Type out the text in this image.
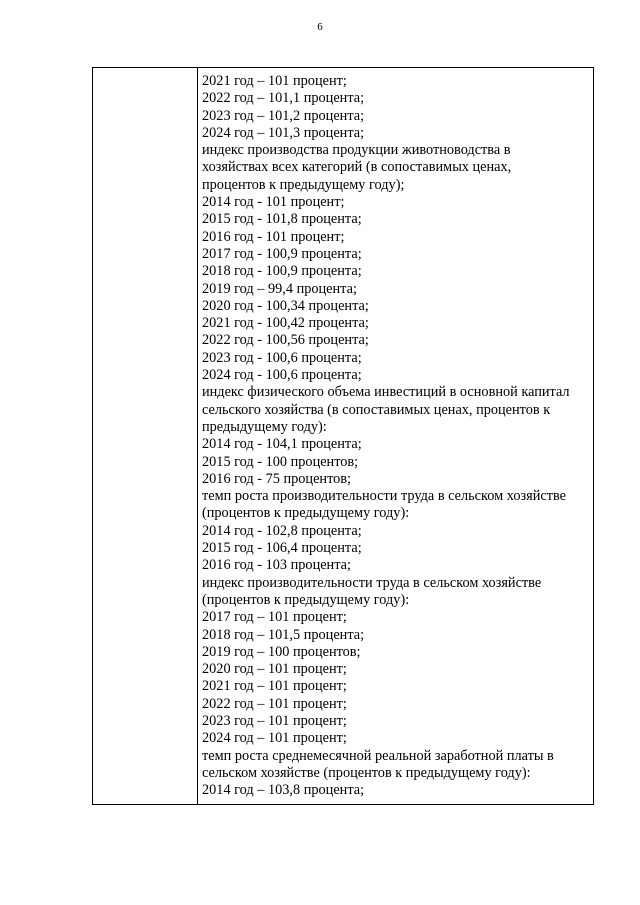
6

2021 год – 101 процент;

2022 год – 101,1 процента;

2023 год – 101,2 процента;

2024 год – 101,3 процента;

индекс производства продукции животноводства в

хозяйствах всех категорий (в сопоставимых ценах,

процентов к предыдущему году);

2014 год - 101 процент;

2015 год - 101,8 процента;

2016 год - 101 процент;

2017 год - 100,9 процента;

2018 год - 100,9 процента;

2019 год – 99,4 процента;

2020 год - 100,34 процента;

2021 год - 100,42 процента;

2022 год - 100,56 процента;

2023 год - 100,6 процента;

2024 год - 100,6 процента;

индекс физического объема инвестиций в основной капитал

сельского хозяйства (в сопоставимых ценах, процентов к

предыдущему году):

2014 год - 104,1 процента;

2015 год - 100 процентов;

2016 год - 75 процентов;

темп роста производительности труда в сельском хозяйстве

(процентов к предыдущему году):

2014 год - 102,8 процента;

2015 год - 106,4 процента;

2016 год - 103 процента;

индекс производительности труда в сельском хозяйстве

(процентов к предыдущему году):

2017 год – 101 процент;

2018 год – 101,5 процента;

2019 год – 100 процентов;

2020 год – 101 процент;

2021 год – 101 процент;

2022 год – 101 процент;

2023 год – 101 процент;

2024 год – 101 процент;

темп роста среднемесячной реальной заработной платы в

сельском хозяйстве (процентов к предыдущему году):

2014 год – 103,8 процента;
